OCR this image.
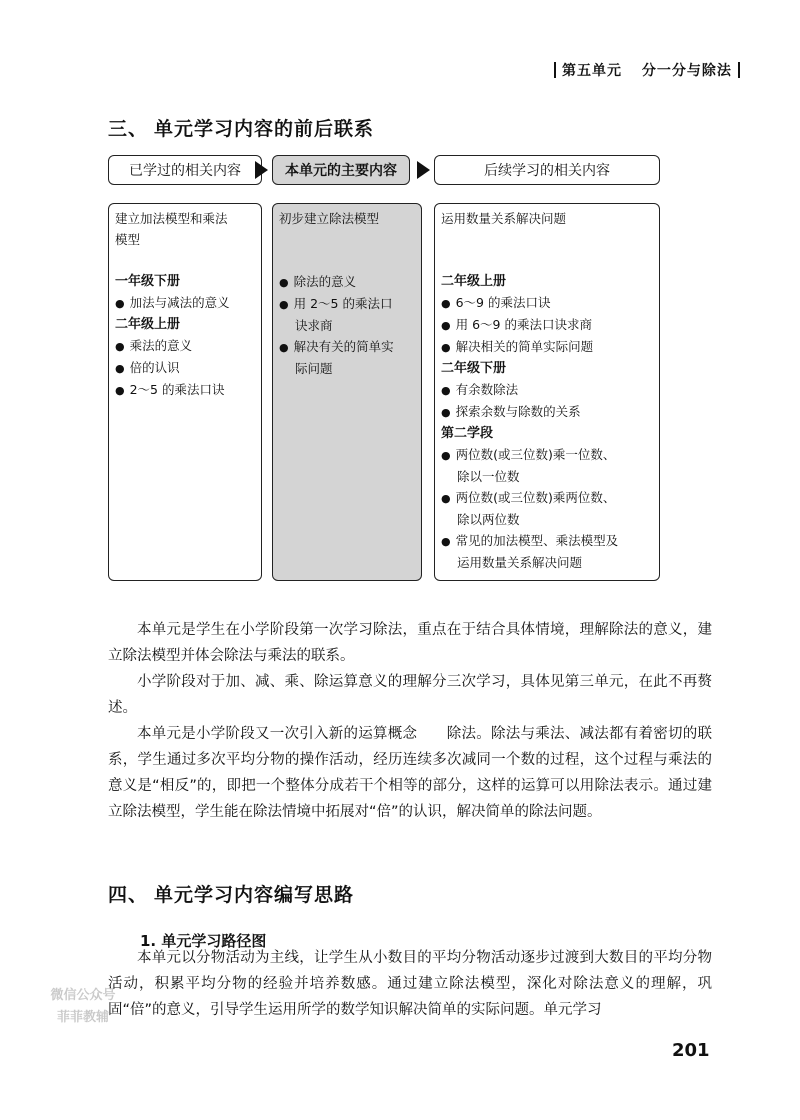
第五单元 分一分与除法
三、 单元学习内容的前后联系
已学过的相关内容	本单元的主要内容	后续学习的相关内容
建立加法模型和乘法
模型
一年级下册
● 加法与减法的意义
二年级上册
● 乘法的意义
● 倍的认识
● 2～5 的乘法口诀
初步建立除法模型
● 除法的意义
● 用 2～5 的乘法口
诀求商
● 解决有关的简单实
际问题
运用数量关系解决问题
二年级上册
● 6～9 的乘法口诀
● 用 6～9 的乘法口诀求商
● 解决相关的简单实际问题
二年级下册
● 有余数除法
● 探索余数与除数的关系
第二学段
● 两位数(或三位数)乘一位数、
除以一位数
● 两位数(或三位数)乘两位数、
除以两位数
● 常见的加法模型、乘法模型及
运用数量关系解决问题

本单元是学生在小学阶段第一次学习除法，重点在于结合具体情境，理解除法的意义，建立除法模型并体会除法与乘法的联系。

小学阶段对于加、减、乘、除运算意义的理解分三次学习，具体见第三单元，在此不再赘述。

本单元是小学阶段又一次引入新的运算概念　　除法。除法与乘法、减法都有着密切的联系，学生通过多次平均分物的操作活动，经历连续多次减同一个数的过程，这个过程与乘法的意义是“相反”的，即把一个整体分成若干个相等的部分，这样的运算可以用除法表示。通过建立除法模型，学生能在除法情境中拓展对“倍”的认识，解决简单的除法问题。

四、 单元学习内容编写思路
1. 单元学习路径图

本单元以分物活动为主线，让学生从小数目的平均分物活动逐步过渡到大数目的平均分物活动，积累平均分物的经验并培养数感。通过建立除法模型，深化对除法意义的理解，巩固“倍”的意义，引导学生运用所学的数学知识解决简单的实际问题。单元学习

微信公众号
菲菲教辅
201
